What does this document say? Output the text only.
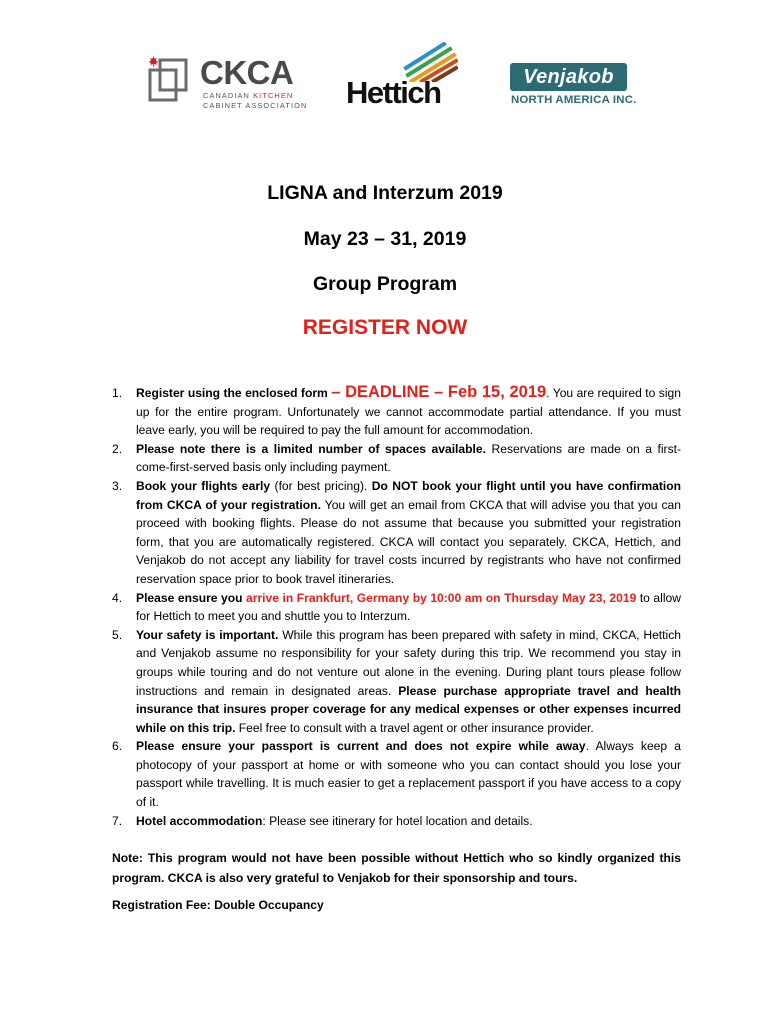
CKCA
CANADIAN KITCHEN
CABINET ASSOCIATION Hettich	Venjakob
NORTH AMERICA INC.
LIGNA and Interzum 2019
May 23 – 31, 2019
Group Program
REGISTER NOW
1. Register using the enclosed form – DEADLINE – Feb 15, 2019. You are required to sign up for the entire program. Unfortunately we cannot accommodate partial attendance. If you must leave early, you will be required to pay the full amount for accommodation.
2. Please note there is a limited number of spaces available. Reservations are made on a first-come-first-served basis only including payment.
3. Book your flights early (for best pricing). Do NOT book your flight until you have confirmation from CKCA of your registration. You will get an email from CKCA that will advise you that you can proceed with booking flights. Please do not assume that because you submitted your registration form, that you are automatically registered. CKCA will contact you separately. CKCA, Hettich, and Venjakob do not accept any liability for travel costs incurred by registrants who have not confirmed reservation space prior to book travel itineraries.
4. Please ensure you arrive in Frankfurt, Germany by 10:00 am on Thursday May 23, 2019 to allow for Hettich to meet you and shuttle you to Interzum.
5. Your safety is important. While this program has been prepared with safety in mind, CKCA, Hettich and Venjakob assume no responsibility for your safety during this trip. We recommend you stay in groups while touring and do not venture out alone in the evening. During plant tours please follow instructions and remain in designated areas. Please purchase appropriate travel and health insurance that insures proper coverage for any medical expenses or other expenses incurred while on this trip. Feel free to consult with a travel agent or other insurance provider.
6. Please ensure your passport is current and does not expire while away. Always keep a photocopy of your passport at home or with someone who you can contact should you lose your passport while travelling. It is much easier to get a replacement passport if you have access to a copy of it.
7. Hotel accommodation: Please see itinerary for hotel location and details.
Note: This program would not have been possible without Hettich who so kindly organized this program. CKCA is also very grateful to Venjakob for their sponsorship and tours.
Registration Fee: Double Occupancy
